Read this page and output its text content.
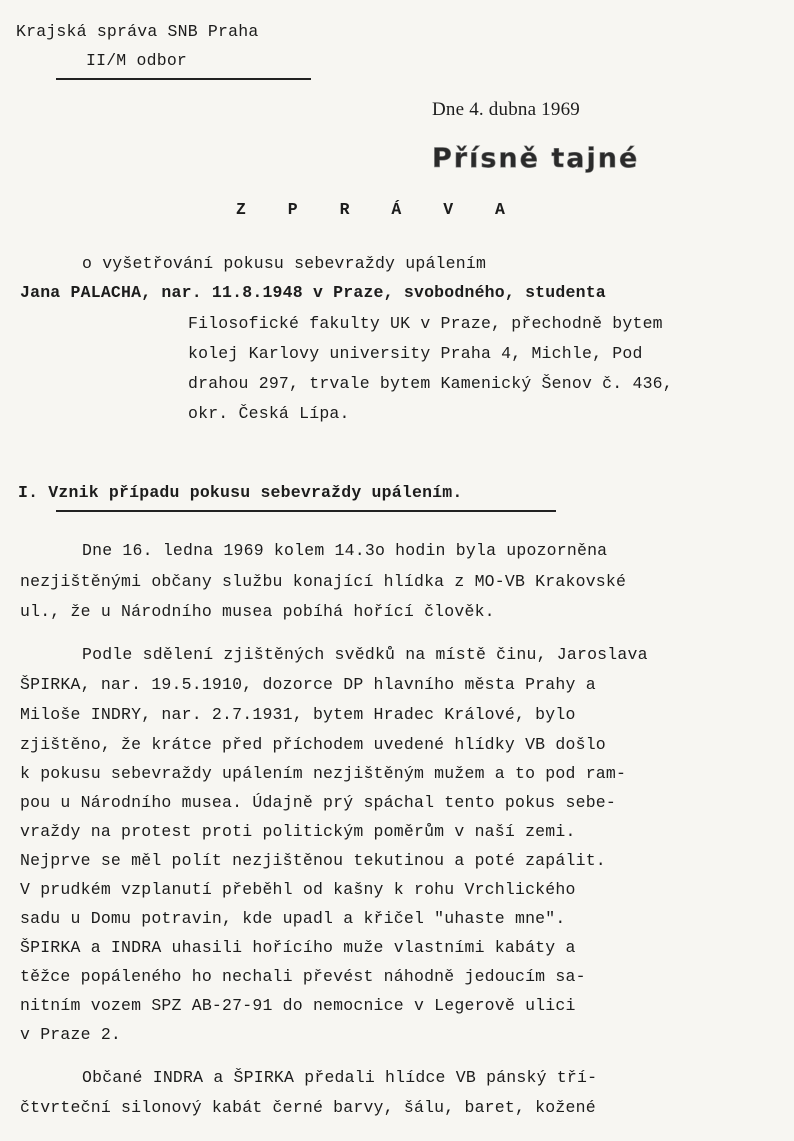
Krajská správa SNB Praha
II/M odbor
Dne 4. dubna 1969
Přísně tajné
Z P R Á V A
o vyšetřování pokusu sebevraždy upálením
Jana PALACHA, nar. 11.8.1948 v Praze, svobodného, studenta
Filosofické fakulty UK v Praze, přechodně bytem
kolej Karlovy university Praha 4, Michle, Pod
drahou 297, trvale bytem Kamenický Šenov č. 436,
okr. Česká Lípa.
I. Vznik případu pokusu sebevraždy upálením.
Dne 16. ledna 1969 kolem 14.3o hodin byla upozorněna
nezjištěnými občany službu konající hlídka z MO-VB Krakovské
ul., že u Národního musea pobíhá hořící člověk.
Podle sdělení zjištěných svědků na místě činu, Jaroslava
ŠPIRKA, nar. 19.5.1910, dozorce DP hlavního města Prahy a
Miloše INDRY, nar. 2.7.1931, bytem Hradec Králové, bylo
zjištěno, že krátce před příchodem uvedené hlídky VB došlo
k pokusu sebevraždy upálením nezjištěným mužem a to pod ram-
pou u Národního musea. Údajně prý spáchal tento pokus sebe-
vraždy na protest proti politickým poměrům v naší zemi.
Nejprve se měl polít nezjištěnou tekutinou a poté zapálit.
V prudkém vzplanutí přeběhl od kašny k rohu Vrchlického
sadu u Domu potravin, kde upadl a křičel "uhaste mne".
ŠPIRKA a INDRA uhasili hořícího muže vlastními kabáty a
těžce popáleného ho nechali převést náhodně jedoucím sa-
nitním vozem SPZ AB-27-91 do nemocnice v Legerově ulici
v Praze 2.
Občané INDRA a ŠPIRKA předali hlídce VB pánský tří-
čtvrteční silonový kabát černé barvy, šálu, baret, kožené
